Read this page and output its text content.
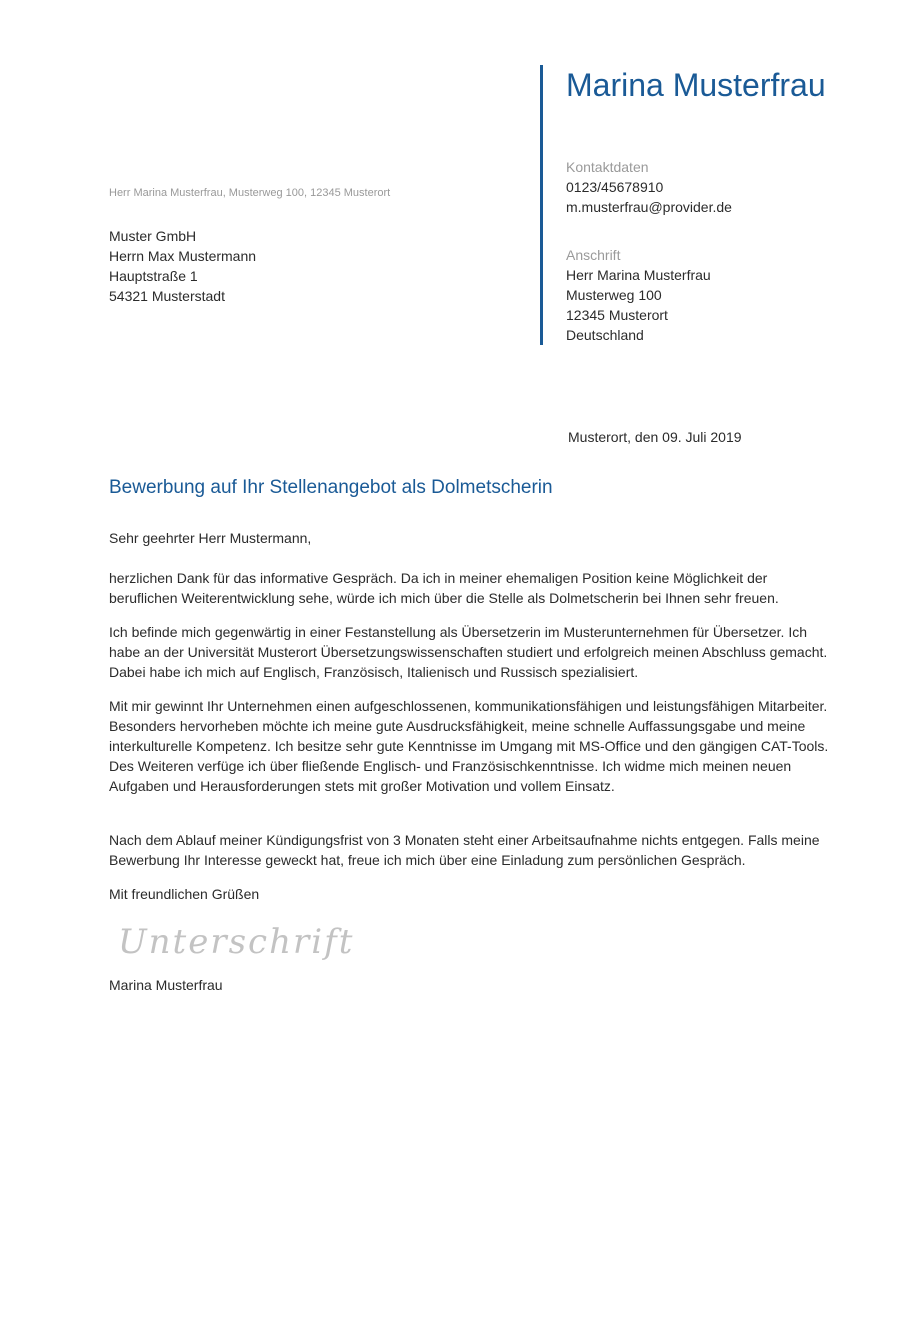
Marina Musterfrau
Kontaktdaten
0123/45678910
m.musterfrau@provider.de
Anschrift
Herr Marina Musterfrau
Musterweg 100
12345 Musterort
Deutschland
Herr Marina Musterfrau, Musterweg 100, 12345 Musterort
Muster GmbH
Herrn Max Mustermann
Hauptstraße 1
54321 Musterstadt
Musterort, den 09. Juli 2019
Bewerbung auf Ihr Stellenangebot als Dolmetscherin
Sehr geehrter Herr Mustermann,

herzlichen Dank für das informative Gespräch. Da ich in meiner ehemaligen Position keine Möglichkeit der beruflichen Weiterentwicklung sehe, würde ich mich über die Stelle als Dolmetscherin bei Ihnen sehr freuen.

Ich befinde mich gegenwärtig in einer Festanstellung als Übersetzerin im Musterunternehmen für Übersetzer. Ich habe an der Universität Musterort Übersetzungswissenschaften studiert und erfolgreich meinen Abschluss gemacht. Dabei habe ich mich auf Englisch, Französisch, Italienisch und Russisch spezialisiert.

Mit mir gewinnt Ihr Unternehmen einen aufgeschlossenen, kommunikationsfähigen und leistungsfähigen Mitarbeiter. Besonders hervorheben möchte ich meine gute Ausdrucksfähigkeit, meine schnelle Auffassungsgabe und meine interkulturelle Kompetenz. Ich besitze sehr gute Kenntnisse im Umgang mit MS-Office und den gängigen CAT-Tools. Des Weiteren verfüge ich über fließende Englisch- und Französischkenntnisse. Ich widme mich meinen neuen Aufgaben und Herausforderungen stets mit großer Motivation und vollem Einsatz.

Nach dem Ablauf meiner Kündigungsfrist von 3 Monaten steht einer Arbeitsaufnahme nichts entgegen. Falls meine Bewerbung Ihr Interesse geweckt hat, freue ich mich über eine Einladung zum persönlichen Gespräch.

Mit freundlichen Grüßen
Unterschrift
Marina Musterfrau
